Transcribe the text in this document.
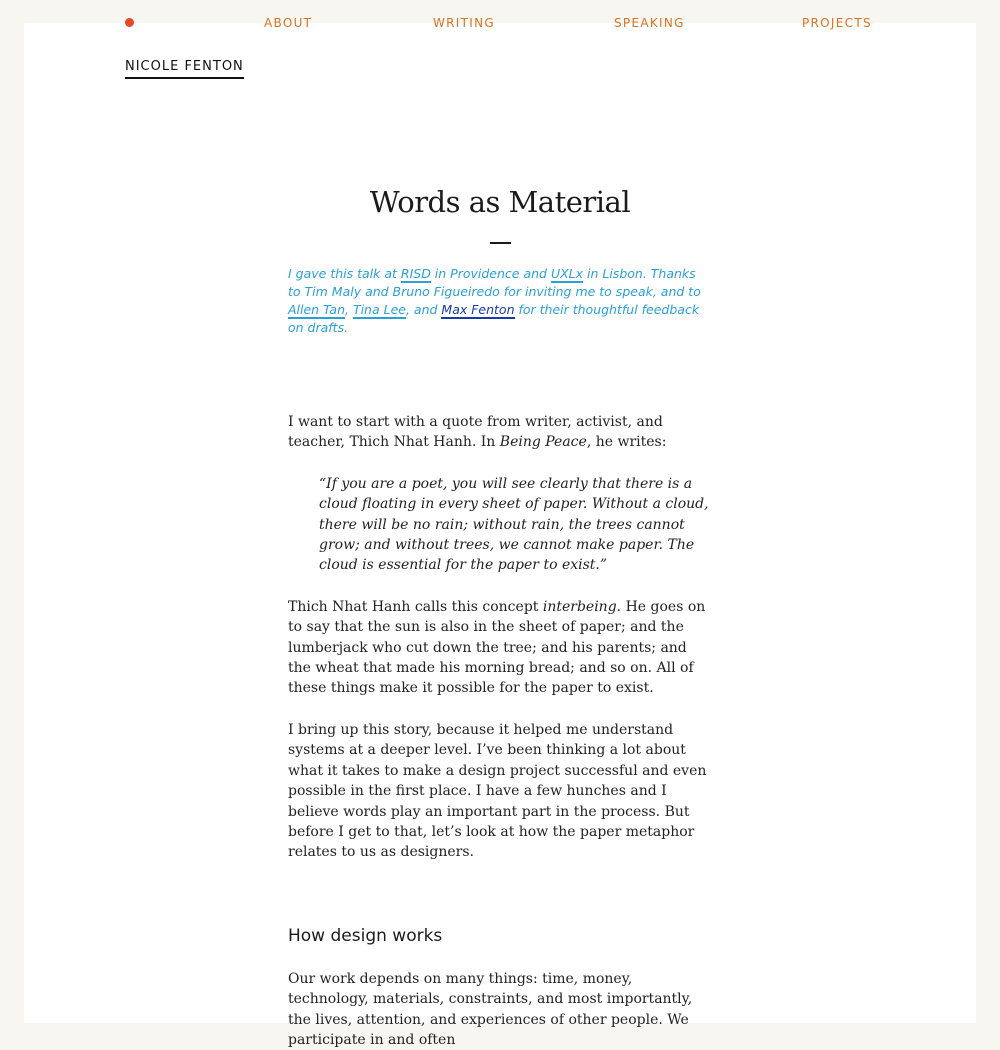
ABOUT	WRITING	SPEAKING	PROJECTS
NICOLE FENTON
Words as Material

I gave this talk at RISD in Providence and UXLx in Lisbon. Thanks to Tim Maly and Bruno Figueiredo for inviting me to speak, and to Allen Tan, Tina Lee, and Max Fenton for their thoughtful feedback on drafts.

I want to start with a quote from writer, activist, and teacher, Thich Nhat Hanh. In Being Peace, he writes:

“If you are a poet, you will see clearly that there is a cloud floating in every sheet of paper. Without a cloud, there will be no rain; without rain, the trees cannot grow; and without trees, we cannot make paper. The cloud is essential for the paper to exist.”

Thich Nhat Hanh calls this concept interbeing. He goes on to say that the sun is also in the sheet of paper; and the lumberjack who cut down the tree; and his parents; and the wheat that made his morning bread; and so on. All of these things make it possible for the paper to exist.

I bring up this story, because it helped me understand systems at a deeper level. I’ve been thinking a lot about what it takes to make a design project successful and even possible in the first place. I have a few hunches and I believe words play an important part in the process. But before I get to that, let’s look at how the paper metaphor relates to us as designers.

How design works

Our work depends on many things: time, money, technology, materials, constraints, and most importantly, the lives, attention, and experiences of other people. We participate in and often
